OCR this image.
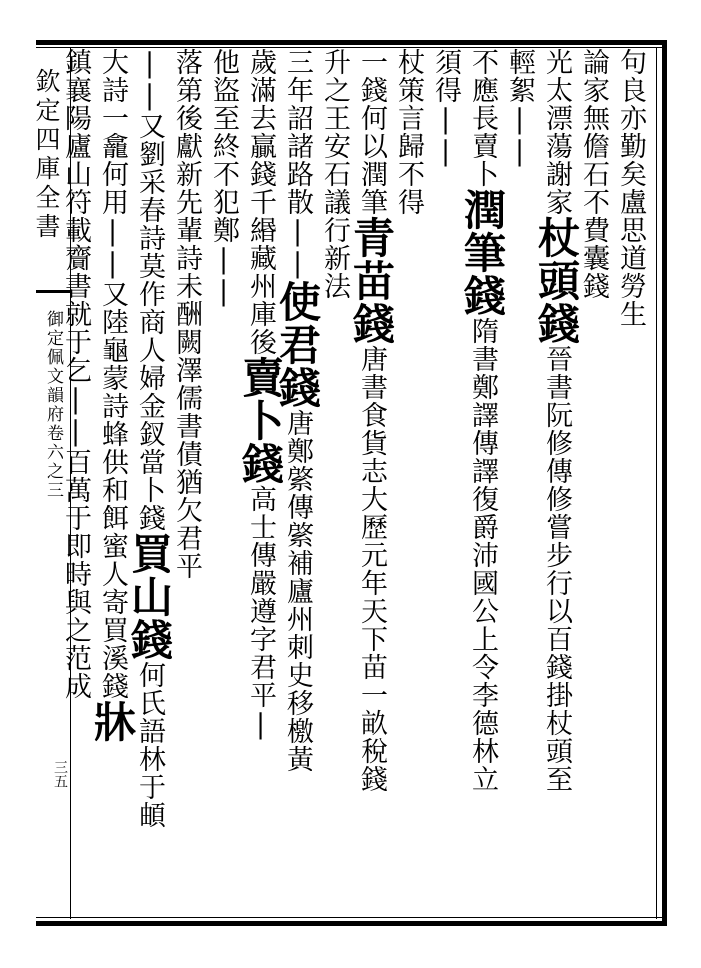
欽定四庫全書
御定佩文韻府卷六之三
三五
句良亦勤矣盧思道勞生
論家無儋石不費囊錢
光太漂蕩謝家杖頭錢晉書阮修傳修嘗步行以百錢掛杖頭至
輕絮||
不應長賣卜潤筆錢隋書鄭譯傳譯復爵沛國公上令李德林立
須得||
杖策言歸不得
一錢何以潤筆青苗錢唐書食貨志大歷元年天下苗一畝稅錢
升之王安石議行新法
三年詔諸路散||使君錢唐鄭綮傳綮補廬州刺史移檄黃
歲滿去贏錢千緡藏州庫後賣卜錢高士傳嚴遵字君平|
他盜至終不犯鄭||
落第後獻新先輩詩未酬闕澤儒書債猶欠君平
||又劉采春詩莫作商人婦金釵當卜錢買山錢何氏語林于頔
大詩一龕何用||又陸龜蒙詩蜂供和餌蜜人寄買溪錢牀
鎮襄陽廬山符載齎書就于乞||百萬于即時與之范成
